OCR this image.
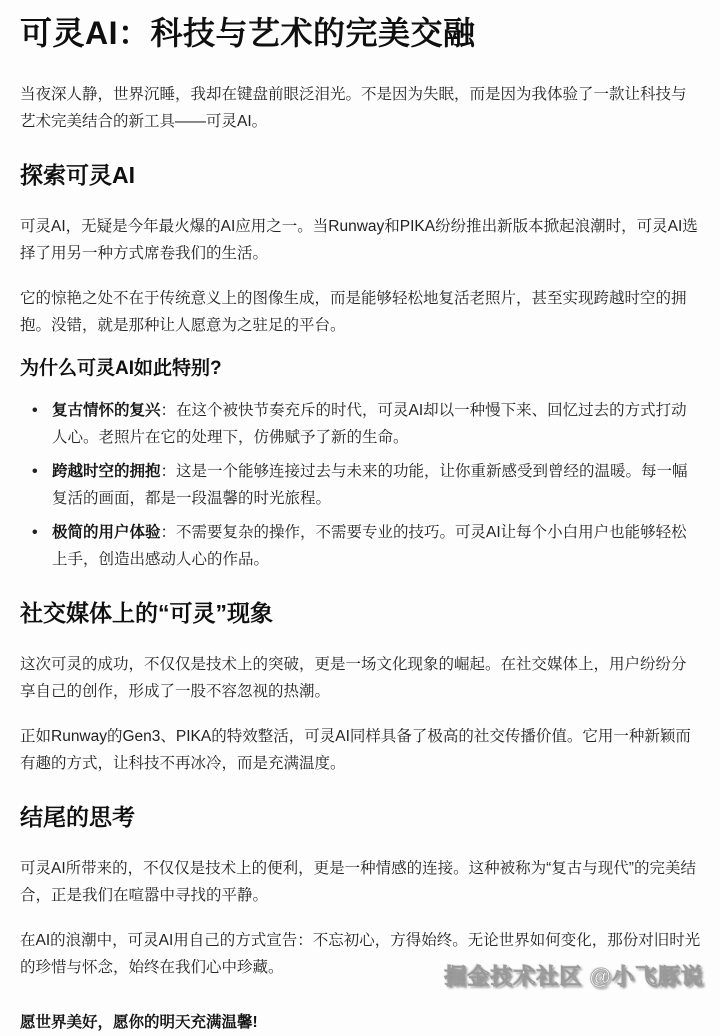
可灵AI：科技与艺术的完美交融

当夜深人静，世界沉睡，我却在键盘前眼泛泪光。不是因为失眠，而是因为我体验了一款让科技与艺术完美结合的新工具——可灵AI。

探索可灵AI

可灵AI，无疑是今年最火爆的AI应用之一。当Runway和PIKA纷纷推出新版本掀起浪潮时，可灵AI选择了用另一种方式席卷我们的生活。

它的惊艳之处不在于传统意义上的图像生成，而是能够轻松地复活老照片，甚至实现跨越时空的拥抱。没错，就是那种让人愿意为之驻足的平台。

为什么可灵AI如此特别?
• 复古情怀的复兴：在这个被快节奏充斥的时代，可灵AI却以一种慢下来、回忆过去的方式打动人心。老照片在它的处理下，仿佛赋予了新的生命。
• 跨越时空的拥抱：这是一个能够连接过去与未来的功能，让你重新感受到曾经的温暖。每一幅复活的画面，都是一段温馨的时光旅程。
• 极简的用户体验：不需要复杂的操作，不需要专业的技巧。可灵AI让每个小白用户也能够轻松上手，创造出感动人心的作品。
社交媒体上的“可灵”现象

这次可灵的成功，不仅仅是技术上的突破，更是一场文化现象的崛起。在社交媒体上，用户纷纷分享自己的创作，形成了一股不容忽视的热潮。

正如Runway的Gen3、PIKA的特效整活，可灵AI同样具备了极高的社交传播价值。它用一种新颖而有趣的方式，让科技不再冰冷，而是充满温度。

结尾的思考

可灵AI所带来的，不仅仅是技术上的便利，更是一种情感的连接。这种被称为“复古与现代”的完美结合，正是我们在喧嚣中寻找的平静。

在AI的浪潮中，可灵AI用自己的方式宣告：不忘初心，方得始终。无论世界如何变化，那份对旧时光的珍惜与怀念，始终在我们心中珍藏。

愿世界美好，愿你的明天充满温馨!

掘金技术社区 @小飞豚说
